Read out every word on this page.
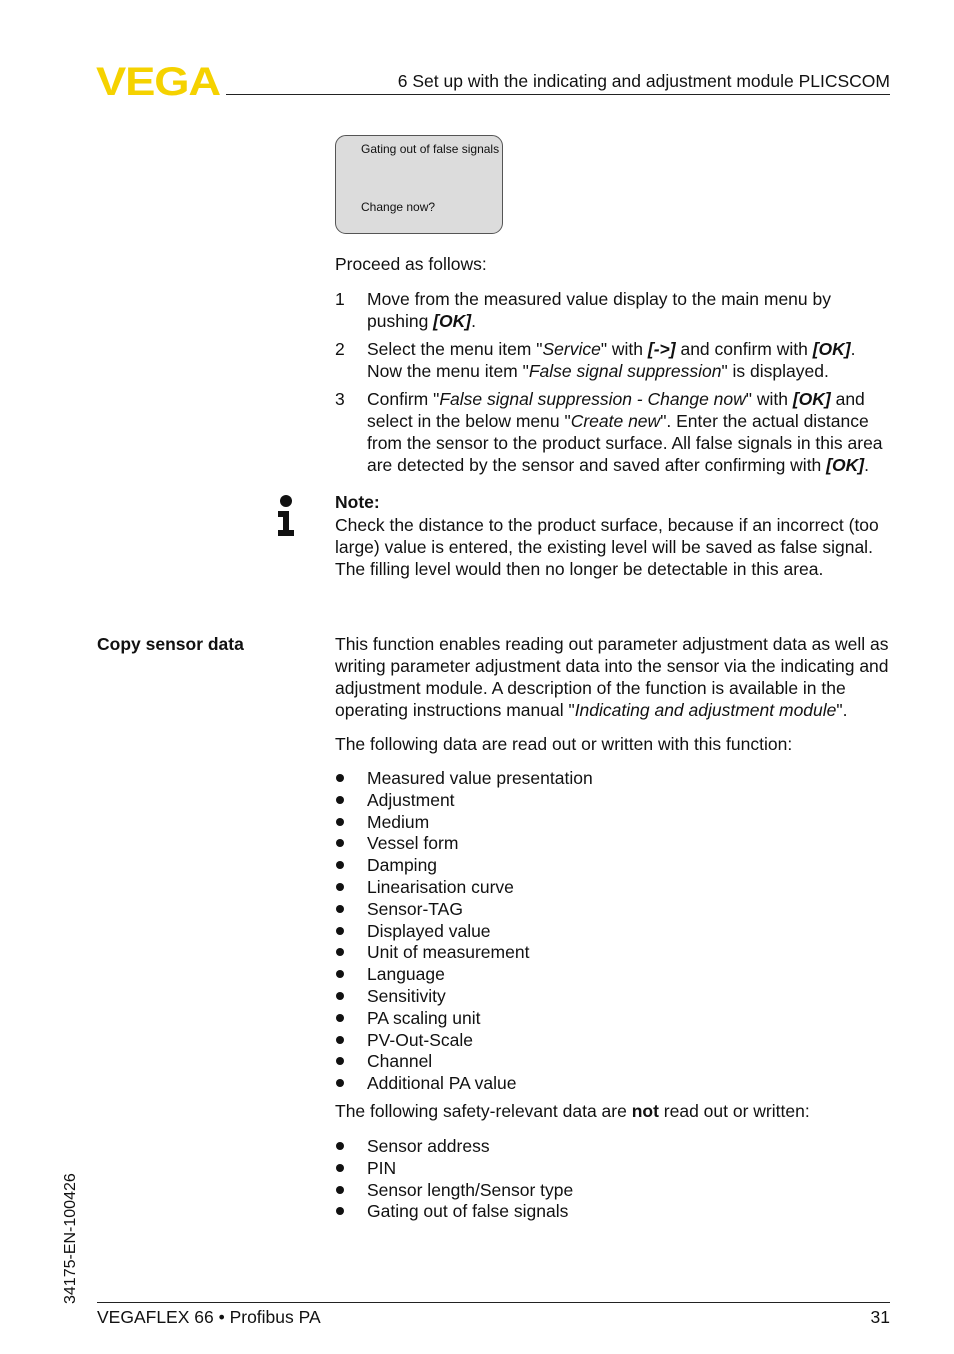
VEGA	6 Set up with the indicating and adjustment module PLICSCOM
Gating out of false signals
Change now?
Proceed as follows:
1 Move from the measured value display to the main menu by pushing [OK].
2 Select the menu item "Service" with [->] and confirm with [OK]. Now the menu item "False signal suppression" is displayed.
3 Confirm "False signal suppression - Change now" with [OK] and select in the below menu "Create new". Enter the actual distance from the sensor to the product surface. All false signals in this area are detected by the sensor and saved after confirming with [OK].
Note:
Check the distance to the product surface, because if an incorrect (too large) value is entered, the existing level will be saved as false signal. The filling level would then no longer be detectable in this area.
Copy sensor data	This function enables reading out parameter adjustment data as well as writing parameter adjustment data into the sensor via the indicating and adjustment module. A description of the function is available in the operating instructions manual "Indicating and adjustment module".
The following data are read out or written with this function:
Measured value presentation
Adjustment
Medium
Vessel form
Damping
Linearisation curve
Sensor-TAG
Displayed value
Unit of measurement
Language
Sensitivity
PA scaling unit
PV-Out-Scale
Channel
Additional PA value
The following safety-relevant data are not read out or written:
Sensor address
PIN
Sensor length/Sensor type
Gating out of false signals
34175-EN-100426
VEGAFLEX 66 • Profibus PA	31
